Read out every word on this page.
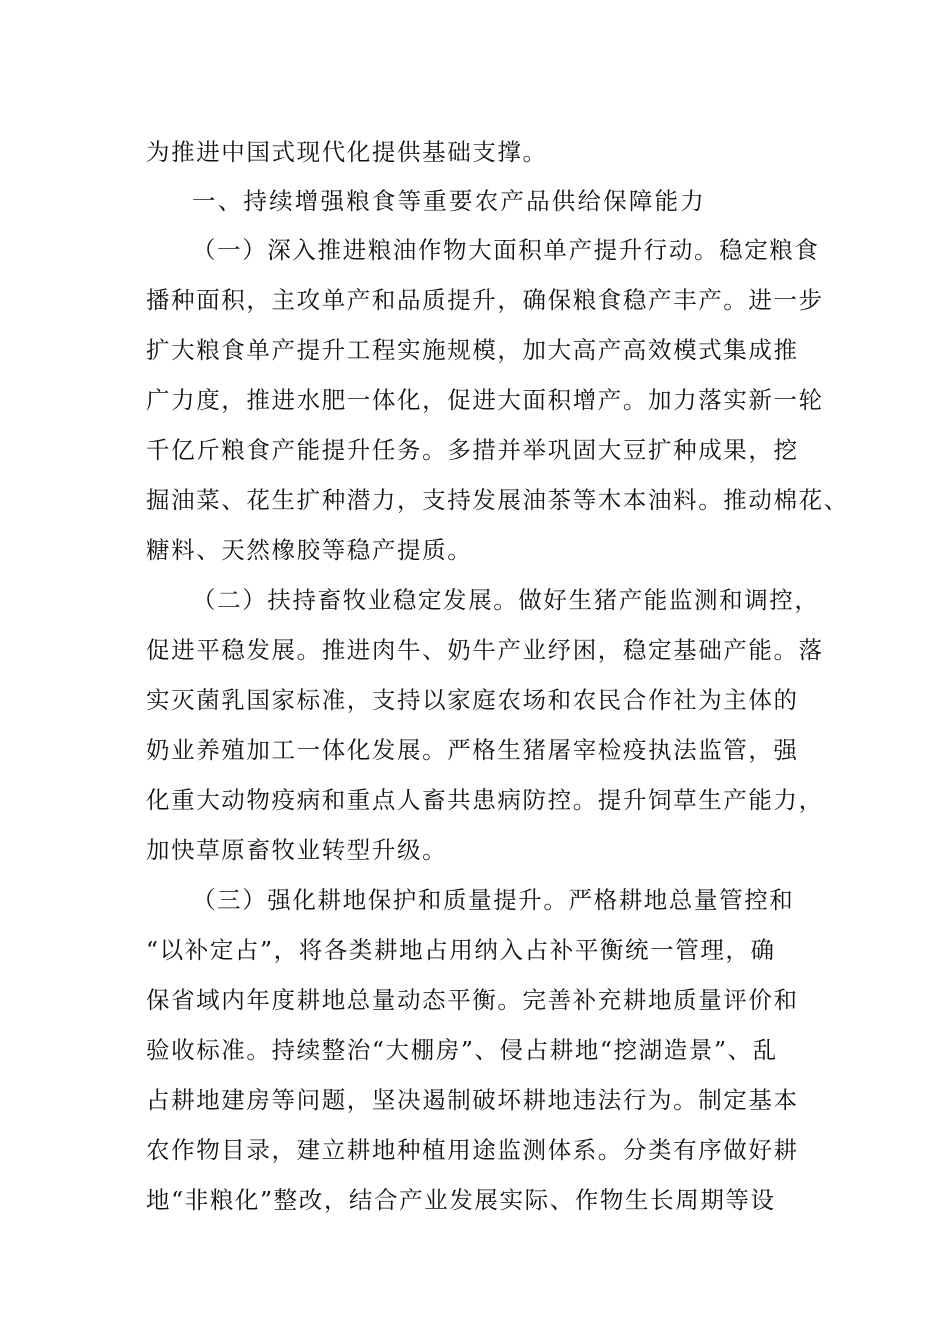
为推进中国式现代化提供基础支撑。
一、持续增强粮食等重要农产品供给保障能力
（一）深入推进粮油作物大面积单产提升行动。稳定粮食
播种面积，主攻单产和品质提升，确保粮食稳产丰产。进一步
扩大粮食单产提升工程实施规模，加大高产高效模式集成推
广力度，推进水肥一体化，促进大面积增产。加力落实新一轮
千亿斤粮食产能提升任务。多措并举巩固大豆扩种成果，挖
掘油菜、花生扩种潜力，支持发展油茶等木本油料。推动棉花、
糖料、天然橡胶等稳产提质。
（二）扶持畜牧业稳定发展。做好生猪产能监测和调控，
促进平稳发展。推进肉牛、奶牛产业纾困，稳定基础产能。落
实灭菌乳国家标准，支持以家庭农场和农民合作社为主体的
奶业养殖加工一体化发展。严格生猪屠宰检疫执法监管，强
化重大动物疫病和重点人畜共患病防控。提升饲草生产能力，
加快草原畜牧业转型升级。
（三）强化耕地保护和质量提升。严格耕地总量管控和
“以补定占”，将各类耕地占用纳入占补平衡统一管理，确
保省域内年度耕地总量动态平衡。完善补充耕地质量评价和
验收标准。持续整治“大棚房”、侵占耕地“挖湖造景”、乱
占耕地建房等问题，坚决遏制破坏耕地违法行为。制定基本
农作物目录，建立耕地种植用途监测体系。分类有序做好耕
地“非粮化”整改，结合产业发展实际、作物生长周期等设
